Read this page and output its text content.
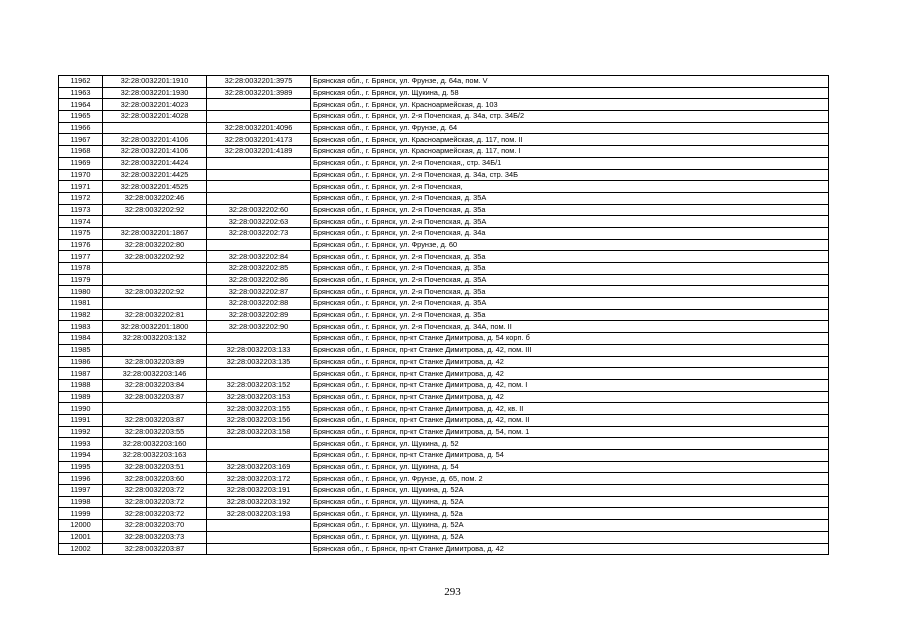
11962	32:28:0032201:1910	32:28:0032201:3975	Брянская обл., г. Брянск, ул. Фрунзе, д. 64а, пом. V
11963	32:28:0032201:1930	32:28:0032201:3989	Брянская обл., г. Брянск, ул. Щукина, д. 58
11964	32:28:0032201:4023		Брянская обл., г. Брянск, ул. Красноармейская, д. 103
11965	32:28:0032201:4028		Брянская обл., г. Брянск, ул. 2-я Почепская, д. 34а, стр. 34Б/2
11966		32:28:0032201:4096	Брянская обл., г. Брянск, ул. Фрунзе, д. 64
11967	32:28:0032201:4106	32:28:0032201:4173	Брянская обл., г. Брянск, ул. Красноармейская, д. 117, пом. II
11968	32:28:0032201:4106	32:28:0032201:4189	Брянская обл., г. Брянск, ул. Красноармейская, д. 117, пом. I
11969	32:28:0032201:4424		Брянская обл., г. Брянск, ул. 2-я Почепская,, стр. 34Б/1
11970	32:28:0032201:4425		Брянская обл., г. Брянск, ул. 2-я Почепская, д. 34а, стр. 34Б
11971	32:28:0032201:4525		Брянская обл., г. Брянск, ул. 2-я Почепская,
11972	32:28:0032202:46		Брянская обл., г. Брянск, ул. 2-я Почепская, д. 35А
11973	32:28:0032202:92	32:28:0032202:60	Брянская обл., г. Брянск, ул. 2-я Почепская, д. 35а
11974		32:28:0032202:63	Брянская обл., г. Брянск, ул. 2-я Почепская, д. 35А
11975	32:28:0032201:1867	32:28:0032202:73	Брянская обл., г. Брянск, ул. 2-я Почепская, д. 34а
11976	32:28:0032202:80		Брянская обл., г. Брянск, ул. Фрунзе, д. 60
11977	32:28:0032202:92	32:28:0032202:84	Брянская обл., г. Брянск, ул. 2-я Почепская, д. 35а
11978		32:28:0032202:85	Брянская обл., г. Брянск, ул. 2-я Почепская, д. 35а
11979		32:28:0032202:86	Брянская обл., г. Брянск, ул. 2-я Почепская, д. 35А
11980	32:28:0032202:92	32:28:0032202:87	Брянская обл., г. Брянск, ул. 2-я Почепская, д. 35а
11981		32:28:0032202:88	Брянская обл., г. Брянск, ул. 2-я Почепская, д. 35А
11982	32:28:0032202:81	32:28:0032202:89	Брянская обл., г. Брянск, ул. 2-я Почепская, д. 35а
11983	32:28:0032201:1800	32:28:0032202:90	Брянская обл., г. Брянск, ул. 2-я Почепская, д. 34А, пом. II
11984	32:28:0032203:132		Брянская обл., г. Брянск, пр-кт Станке Димитрова, д. 54 корп. б
11985		32:28:0032203:133	Брянская обл., г. Брянск, пр-кт Станке Димитрова, д. 42, пом. III
11986	32:28:0032203:89	32:28:0032203:135	Брянская обл., г. Брянск, пр-кт Станке Димитрова, д. 42
11987	32:28:0032203:146		Брянская обл., г. Брянск, пр-кт Станке Димитрова, д. 42
11988	32:28:0032203:84	32:28:0032203:152	Брянская обл., г. Брянск, пр-кт Станке Димитрова, д. 42, пом. I
11989	32:28:0032203:87	32:28:0032203:153	Брянская обл., г. Брянск, пр-кт Станке Димитрова, д. 42
11990		32:28:0032203:155	Брянская обл., г. Брянск, пр-кт Станке Димитрова, д. 42, кв. II
11991	32:28:0032203:87	32:28:0032203:156	Брянская обл., г. Брянск, пр-кт Станке Димитрова, д. 42, пом. II
11992	32:28:0032203:55	32:28:0032203:158	Брянская обл., г. Брянск, пр-кт Станке Димитрова, д. 54, пом. 1
11993	32:28:0032203:160		Брянская обл., г. Брянск, ул. Щукина, д. 52
11994	32:28:0032203:163		Брянская обл., г. Брянск, пр-кт Станке Димитрова, д. 54
11995	32:28:0032203:51	32:28:0032203:169	Брянская обл., г. Брянск, ул. Щукина, д. 54
11996	32:28:0032203:60	32:28:0032203:172	Брянская обл., г. Брянск, ул. Фрунзе, д. 65, пом. 2
11997	32:28:0032203:72	32:28:0032203:191	Брянская обл., г. Брянск, ул. Щукина, д. 52А
11998	32:28:0032203:72	32:28:0032203:192	Брянская обл., г. Брянск, ул. Щукина, д. 52А
11999	32:28:0032203:72	32:28:0032203:193	Брянская обл., г. Брянск, ул. Щукина, д. 52а
12000	32:28:0032203:70		Брянская обл., г. Брянск, ул. Щукина, д. 52А
12001	32:28:0032203:73		Брянская обл., г. Брянск, ул. Щукина, д. 52А
12002	32:28:0032203:87		Брянская обл., г. Брянск, пр-кт Станке Димитрова, д. 42
293
